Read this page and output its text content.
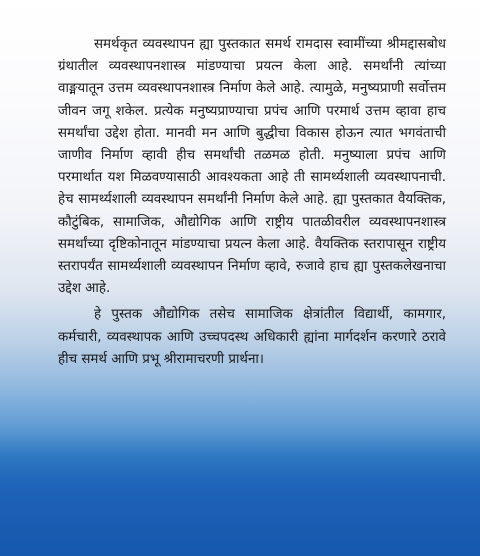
समर्थकृत व्यवस्थापन ह्या पुस्तकात समर्थ रामदास स्वामींच्या श्रीमद्दासबोध ग्रंथातील व्यवस्थापनशास्त्र मांडण्याचा प्रयत्न केला आहे. समर्थांनी त्यांच्या वाङ्मयातून उत्तम व्यवस्थापनशास्त्र निर्माण केले आहे. त्यामुळे, मनुष्यप्राणी सर्वोत्तम जीवन जगू शकेल. प्रत्येक मनुष्यप्राण्याचा प्रपंच आणि परमार्थ उत्तम व्हावा हाच समर्थांचा उद्देश होता. मानवी मन आणि बुद्धीचा विकास होऊन त्यात भगवंताची जाणीव निर्माण व्हावी हीच समर्थांची तळमळ होती. मनुष्याला प्रपंच आणि परमार्थात यश मिळवण्यासाठी आवश्यकता आहे ती सामर्थ्यशाली व्यवस्थापनाची. हेच सामर्थ्यशाली व्यवस्थापन समर्थांनी निर्माण केले आहे. ह्या पुस्तकात वैयक्तिक, कौटुंबिक, सामाजिक, औद्योगिक आणि राष्ट्रीय पातळीवरील व्यवस्थापनशास्त्र समर्थांच्या दृष्टिकोनातून मांडण्याचा प्रयत्न केला आहे. वैयक्तिक स्तरापासून राष्ट्रीय स्तरापर्यंत सामर्थ्यशाली व्यवस्थापन निर्माण व्हावे, रुजावे हाच ह्या पुस्तकलेखनाचा उद्देश आहे.

हे पुस्तक औद्योगिक तसेच सामाजिक क्षेत्रांतील विद्यार्थी, कामगार, कर्मचारी, व्यवस्थापक आणि उच्चपदस्थ अधिकारी ह्यांना मार्गदर्शन करणारे ठरावे हीच समर्थ आणि प्रभू श्रीरामाचरणी प्रार्थना।
